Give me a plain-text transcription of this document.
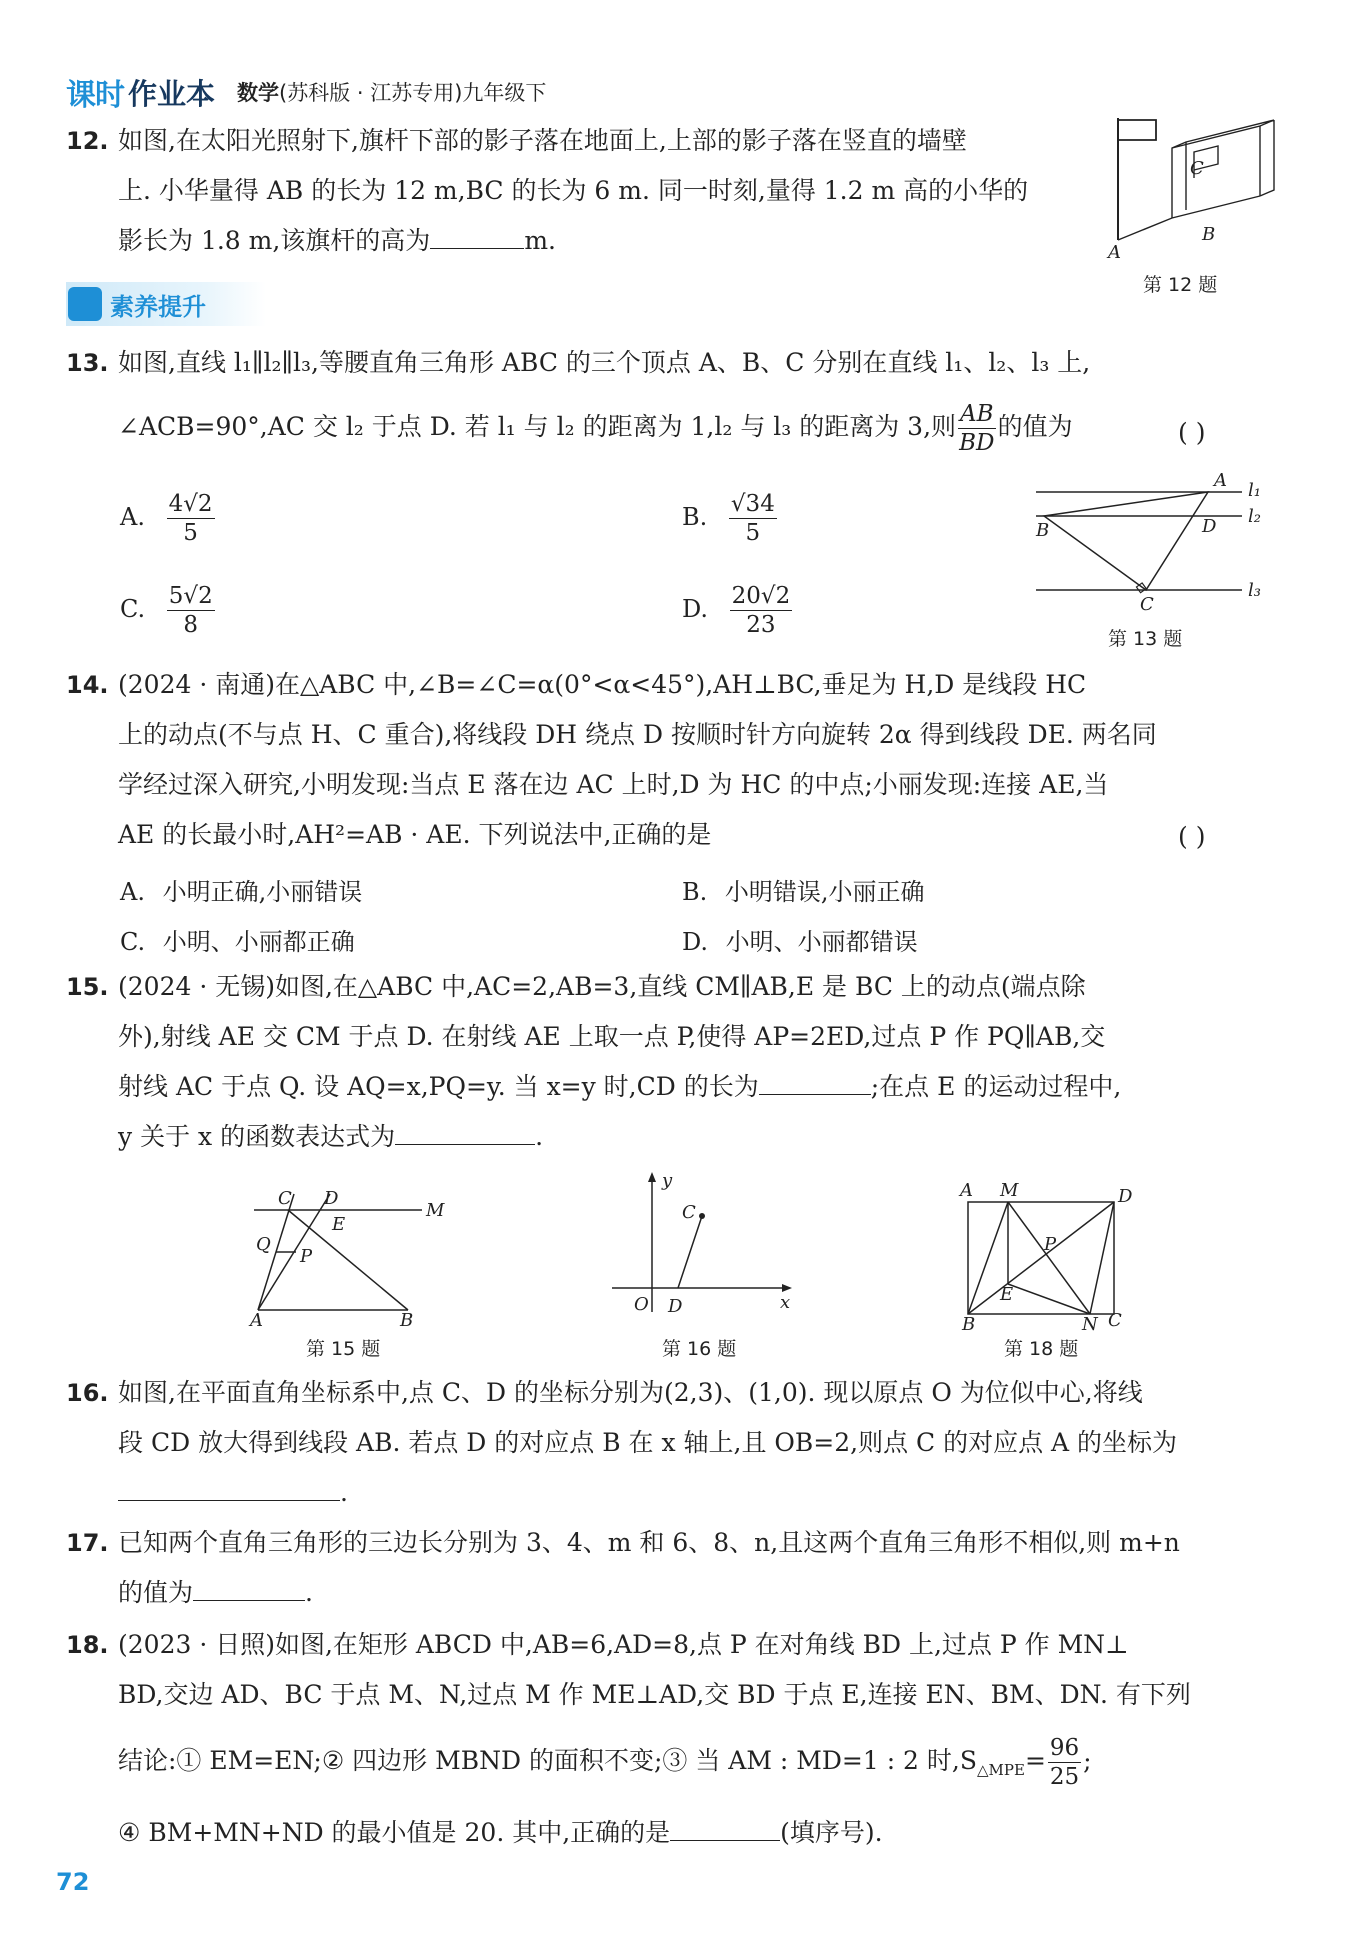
课时 作业本 数学(苏科版 · 江苏专用)九年级下
12. 如图,在太阳光照射下,旗杆下部的影子落在地面上,上部的影子落在竖直的墙壁
上. 小华量得 AB 的长为 12 m,BC 的长为 6 m. 同一时刻,量得 1.2 m 高的小华的
影长为 1.8 m,该旗杆的高为	m.	A
B
C
第 12 题
素养提升
13. 如图,直线 l₁∥l₂∥l₃,等腰直角三角形 ABC 的三个顶点 A、B、C 分别在直线 l₁、l₂、l₃ 上,
∠ACB=90°,AC 交 l₂ 于点 D. 若 l₁ 与 l₂ 的距离为 1,l₂ 与 l₃ 的距离为 3,则 $\frac{AB}{BD}$ 的值为	( )
A. $\frac{4√2}{5}$	B. $\frac{√34}{5}$
C. $\frac{5√2}{8}$	D. $\frac{20√2}{23}$
A
B
C
D
l₁
l₂
l₃
第 13 题
14. (2024 · 南通)在△ABC 中,∠B=∠C=α(0°<α<45°),AH⊥BC,垂足为 H,D 是线段 HC
上的动点(不与点 H、C 重合),将线段 DH 绕点 D 按顺时针方向旋转 2α 得到线段 DE. 两名同
学经过深入研究,小明发现:当点 E 落在边 AC 上时,D 为 HC 的中点;小丽发现:连接 AE,当
AE 的长最小时,AH²=AB · AE. 下列说法中,正确的是	( )
A. 小明正确,小丽错误	B. 小明错误,小丽正确
C. 小明、小丽都正确	D. 小明、小丽都错误
15. (2024 · 无锡)如图,在△ABC 中,AC=2,AB=3,直线 CM∥AB,E 是 BC 上的动点(端点除
外),射线 AE 交 CM 于点 D. 在射线 AE 上取一点 P,使得 AP=2ED,过点 P 作 PQ∥AB,交
射线 AC 于点 Q. 设 AQ=x,PQ=y. 当 x=y 时,CD 的长为	;在点 E 的运动过程中,
y 关于 x 的函数表达式为	.
C D
M
E
Q
P
A	B
第 15 题
y
x
O D
C
第 16 题
A M	D
P
E
B	N C
第 18 题
16. 如图,在平面直角坐标系中,点 C、D 的坐标分别为(2,3)、(1,0). 现以原点 O 为位似中心,将线
段 CD 放大得到线段 AB. 若点 D 的对应点 B 在 x 轴上,且 OB=2,则点 C 的对应点 A 的坐标为
.
17. 已知两个直角三角形的三边长分别为 3、4、m 和 6、8、n,且这两个直角三角形不相似,则 m+n
的值为	.
18. (2023 · 日照)如图,在矩形 ABCD 中,AB=6,AD=8,点 P 在对角线 BD 上,过点 P 作 MN⊥
BD,交边 AD、BC 于点 M、N,过点 M 作 ME⊥AD,交 BD 于点 E,连接 EN、BM、DN. 有下列
结论:① EM=EN;② 四边形 MBND 的面积不变;③ 当 AM : MD=1 : 2 时$,S_{\triangle MPE}= \frac{96}{25}$ ;
④ BM+MN+ND 的最小值是 20. 其中,正确的是	(填序号).
72
